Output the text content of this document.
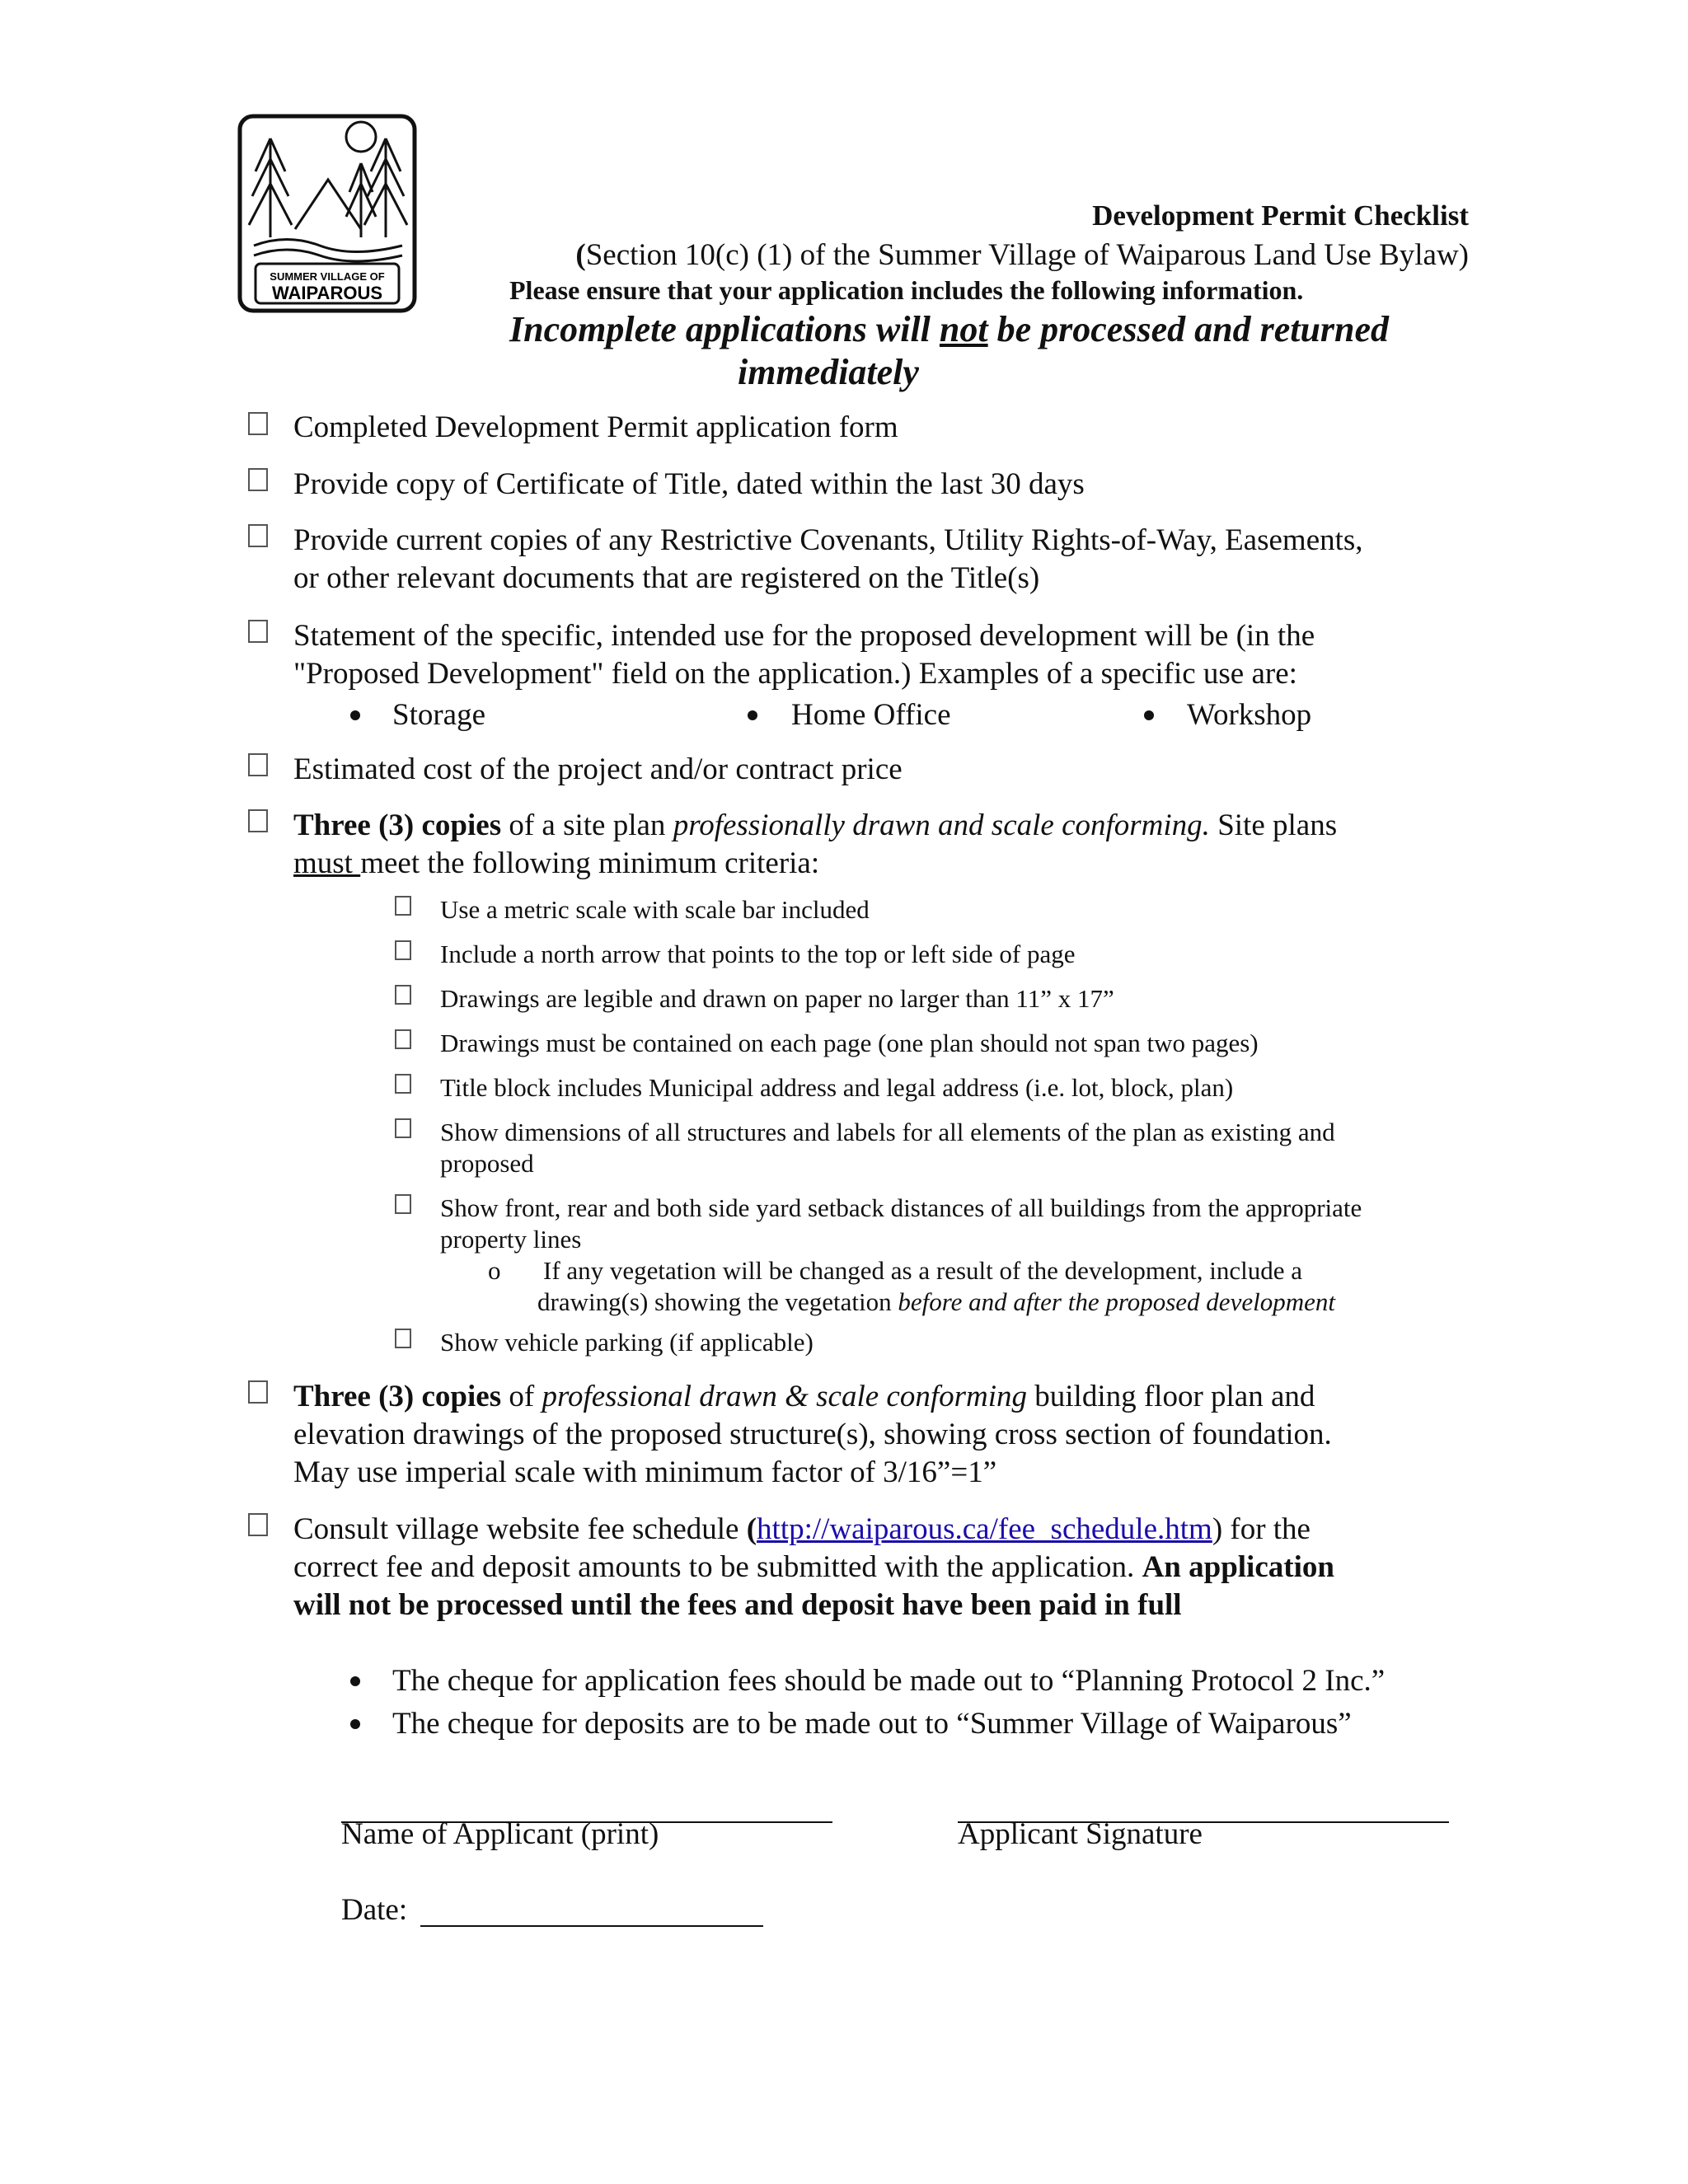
SUMMER VILLAGE OF
WAIPAROUS
Development Permit Checklist
(Section 10(c) (1) of the Summer Village of Waiparous Land Use Bylaw)
Please ensure that your application includes the following information.
Incomplete applications will not be processed and returned
immediately
Completed Development Permit application form
Provide copy of Certificate of Title, dated within the last 30 days
Provide current copies of any Restrictive Covenants, Utility Rights-of-Way, Easements,
or other relevant documents that are registered on the Title(s)
Statement of the specific, intended use for the proposed development will be (in the
"Proposed Development" field on the application.) Examples of a specific use are:
Storage	Home Office	Workshop
Estimated cost of the project and/or contract price
Three (3) copies of a site plan professionally drawn and scale conforming. Site plans
must meet the following minimum criteria:
Use a metric scale with scale bar included
Include a north arrow that points to the top or left side of page
Drawings are legible and drawn on paper no larger than 11” x 17”
Drawings must be contained on each page (one plan should not span two pages)
Title block includes Municipal address and legal address (i.e. lot, block, plan)
Show dimensions of all structures and labels for all elements of the plan as existing and
proposed
Show front, rear and both side yard setback distances of all buildings from the appropriate
property lines
o If any vegetation will be changed as a result of the development, include a
drawing(s) showing the vegetation before and after the proposed development
Show vehicle parking (if applicable)
Three (3) copies of professional drawn & scale conforming building floor plan and
elevation drawings of the proposed structure(s), showing cross section of foundation.
May use imperial scale with minimum factor of 3/16”=1”
Consult village website fee schedule (http://waiparous.ca/fee_schedule.htm) for the
correct fee and deposit amounts to be submitted with the application. An application
will not be processed until the fees and deposit have been paid in full
The cheque for application fees should be made out to “Planning Protocol 2 Inc.”
The cheque for deposits are to be made out to “Summer Village of Waiparous”
Name of Applicant (print)	Applicant Signature
Date:
